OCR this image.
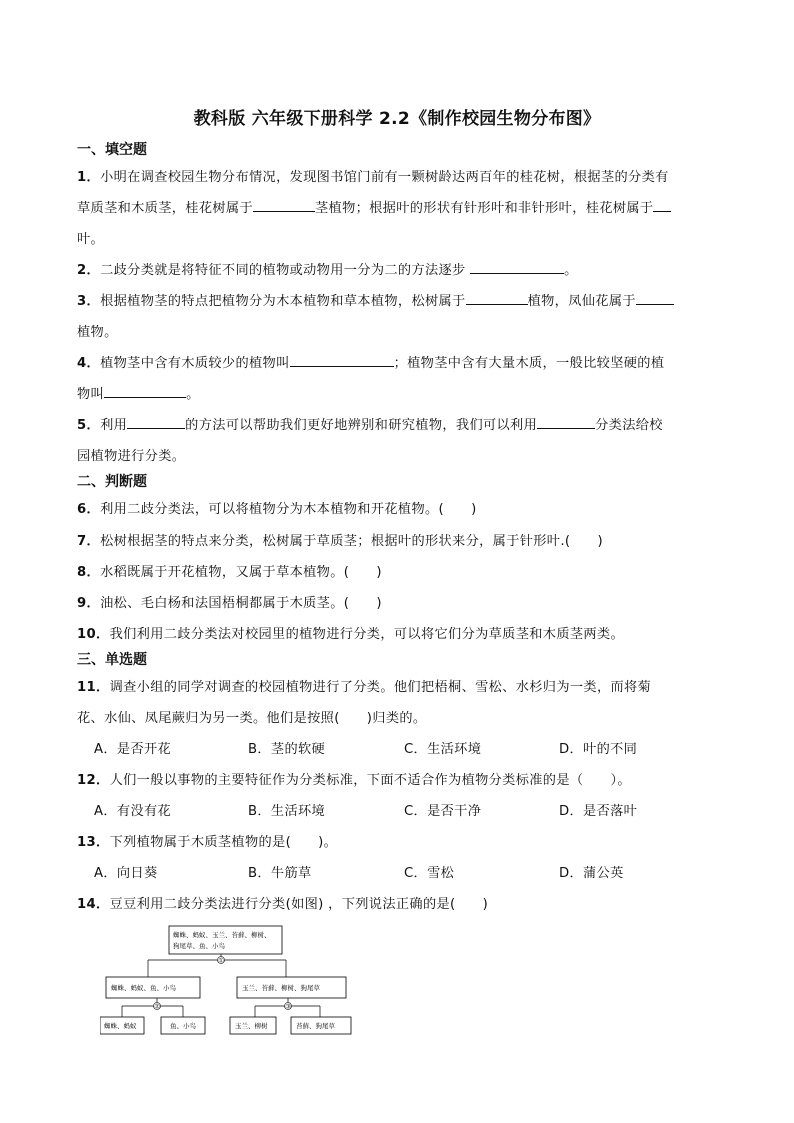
教科版 六年级下册科学 2.2《制作校园生物分布图》
一、填空题
1．小明在调查校园生物分布情况，发现图书馆门前有一颗树龄达两百年的桂花树，根据茎的分类有
草质茎和木质茎，桂花树属于	茎植物；根据叶的形状有针形叶和非针形叶，桂花树属于
叶。
2．二歧分类就是将特征不同的植物或动物用一分为二的方法逐步	。
3．根据植物茎的特点把植物分为木本植物和草本植物，松树属于	植物，凤仙花属于
植物。
4．植物茎中含有木质较少的植物叫	；植物茎中含有大量木质，一般比较坚硬的植
物叫	。
5．利用	的方法可以帮助我们更好地辨别和研究植物，我们可以利用	分类法给校
园植物进行分类。
二、判断题
6．利用二歧分类法，可以将植物分为木本植物和开花植物。(　　)
7．松树根据茎的特点来分类，松树属于草质茎；根据叶的形状来分，属于针形叶.(　　)
8．水稻既属于开花植物，又属于草本植物。(　　)
9．油松、毛白杨和法国梧桐都属于木质茎。(　　)
10．我们利用二歧分类法对校园里的植物进行分类，可以将它们分为草质茎和木质茎两类。
三、单选题
11．调查小组的同学对调查的校园植物进行了分类。他们把梧桐、雪松、水杉归为一类，而将菊
花、水仙、凤尾蕨归为另一类。他们是按照(　　)归类的。
A．是否开花	B．茎的软硬	C．生活环境	D．叶的不同
12．人们一般以事物的主要特征作为分类标准，下面不适合作为植物分类标准的是（　　）。
A．有没有花	B．生活环境	C．是否干净	D．是否落叶
13．下列植物属于木质茎植物的是(　　)。
A．向日葵	B．牛筋草	C．雪松	D．蒲公英
14．豆豆利用二歧分类法进行分类(如图) ，下列说法正确的是(　　)
蜘蛛、蚂蚁、玉兰、苔藓、柳树、
狗尾草、鱼、小鸟
①
蜘蛛、蚂蚁、鱼、小鸟	玉兰、苔藓、柳树、狗尾草
②	③
蜘蛛、蚂蚁	鱼、小鸟	玉兰、柳树	苔藓、狗尾草
